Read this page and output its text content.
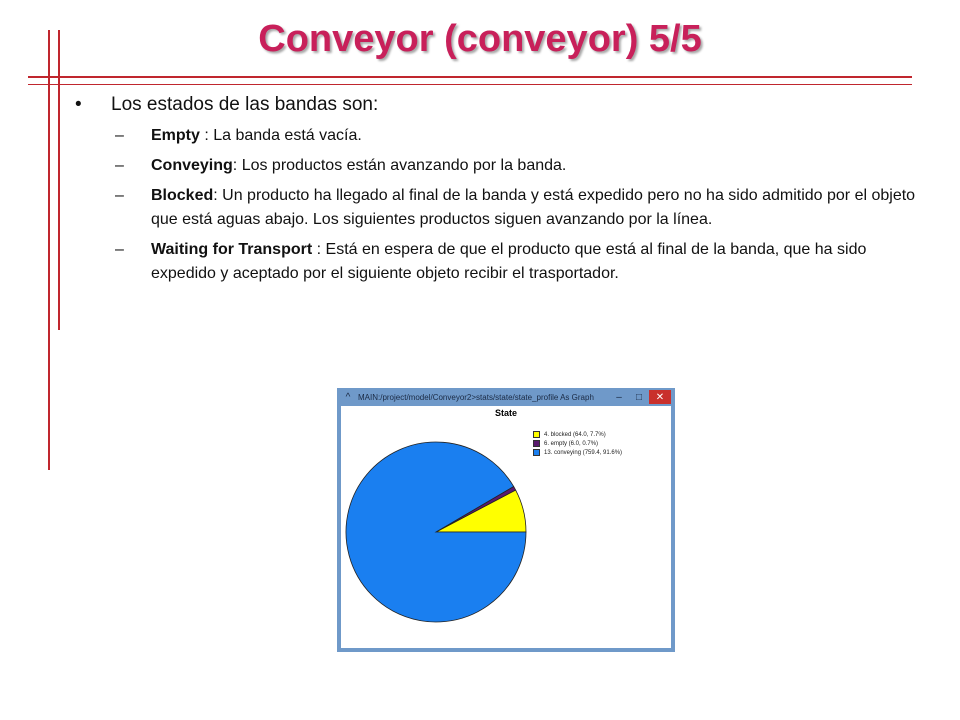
Conveyor (conveyor) 5/5
•	Los estados de las bandas son:
–	Empty : La banda está vacía.
–	Conveying: Los productos están avanzando por la banda.
–	Blocked: Un producto ha llegado al final de la banda y está expedido pero no ha sido admitido por el objeto que está aguas abajo. Los siguientes productos siguen avanzando por la línea.
–	Waiting for Transport : Está en espera de que el producto que está al final de la banda, que ha sido expedido y aceptado por el siguiente objeto recibir el trasportador.
^ MAIN:/project/model/Conveyor2>stats/state/state_profile As Graph	–	□	✕
State
4. blocked (64.0, 7.7%)
6. empty (6.0, 0.7%)
13. conveying (759.4, 91.6%)
